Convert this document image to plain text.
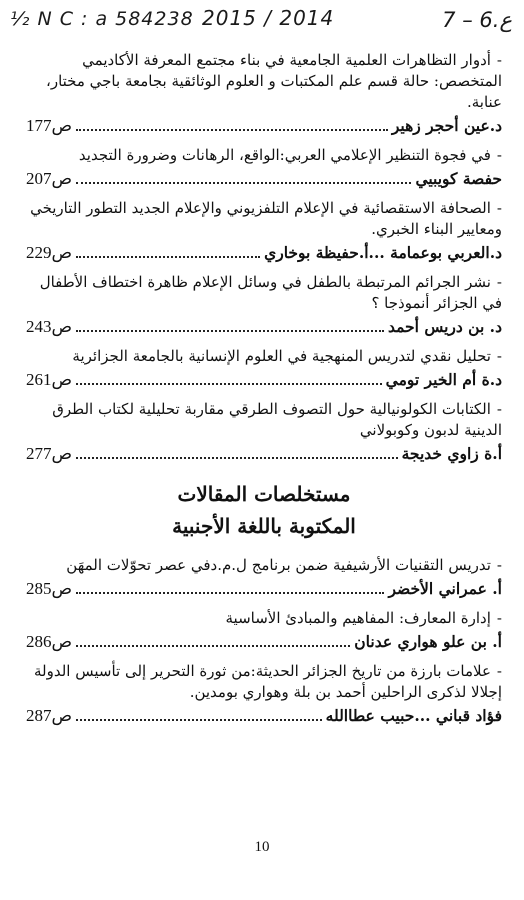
⅟₂ N C : a 584238 2015 / 2014	ع.6 – 7

-أدوار التظاهرات العلمية الجامعية في بناء مجتمع المعرفة الأكاديمي المتخصص: حالة قسم علم المكتبات و العلوم الوثائقية بجامعة باجي مختار، عنابة.

د.عين أحجر زهير
ص177

-في فجوة التنظير الإعلامي العربي:الواقع، الرهانات وضرورة التجديد

حفصة كويبيي
ص207

-الصحافة الاستقصائية في الإعلام التلفزيوني والإعلام الجديد التطور التاريخي ومعايير البناء الخبري.

د.العربي بوعمامة ...أ.حفيظة بوخاري
ص229

-نشر الجرائم المرتبطة بالطفل في وسائل الإعلام ظاهرة اختطاف الأطفال في الجزائر أنموذجا ؟

د. بن دريس أحمد
ص243

-تحليل نقدي لتدريس المنهجية في العلوم الإنسانية بالجامعة الجزائرية

د.ة أم الخير تومي
ص261

-الكتابات الكولونيالية حول التصوف الطرقي مقاربة تحليلية لكتاب الطرق الدينية لدبون وكوبولاني

أ.ة زاوي خديجة
ص277
مستخلصات المقالات
المكتوبة باللغة الأجنبية

-تدريس التقنيات الأرشيفية ضمن برنامج ل.م.دفي عصر تحوّلات المهَن

أ. عمراني الأخضر
ص285

-إدارة المعارف: المفاهيم والمبادئ الأساسية

أ. بن علو هواري عدنان
ص286

-علامات بارزة من تاريخ الجزائر الحديثة:من ثورة التحرير إلى تأسيس الدولة إجلالا لذكرى الراحلين أحمد بن بلة وهواري بومدين.

فؤاد قباني ...حبيب عطاالله
ص287
10
